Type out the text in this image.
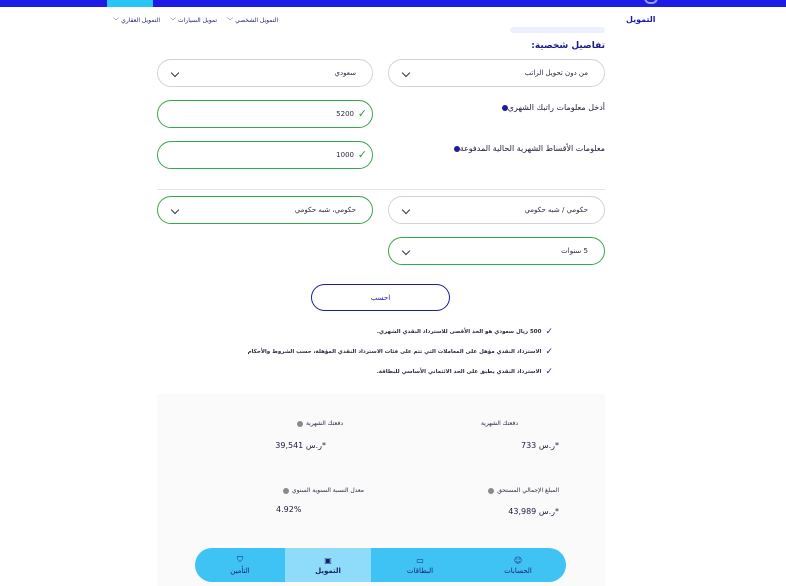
التمويل
التمويل الشخصي
﹀
تمويل السيارات
﹀
التمويل العقاري
﹀
تفاصيل شخصية:
من دون تحويل الراتب
سعودي
أدخل معلومات راتبك الشهري
✓
5200
معلومات الأقساط الشهرية الحالية المدفوعة
✓
1000
حكومي / شبه حكومي
حكومي، شبه حكومي
5 سنوات
احسب
✓
500 ريال سعودي هو الحد الأقصى للاسترداد النقدي الشهري.
✓
الاسترداد النقدي مؤهل على المعاملات التي تتم على فئات الاسترداد النقدي المؤهلة، حسب الشروط والأحكام
✓
الاسترداد النقدي يطبق على الحد الائتماني الأساسي للبطاقة.
دفعتك الشهرية
ر.س 733*
دفعتك الشهرية
ر.س 39,541*
المبلغ الإجمالي المستحق
ر.س 43,989*
معدل النسبة السنوية السنوي
4.92%
⛉
التأمين
▣
التمويل
▭
البطاقات
☺
الحسابات
